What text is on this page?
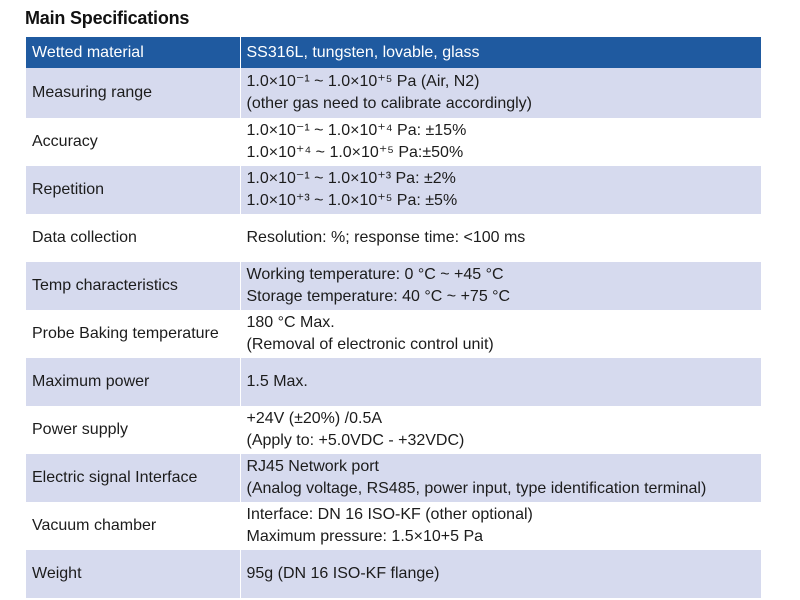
Main Specifications
Wetted material	SS316L, tungsten, lovable, glass

Measuring range	1.0×10⁻¹ ~ 1.0×10⁺⁵ Pa (Air, N2)
(other gas need to calibrate accordingly)

Accuracy	1.0×10⁻¹ ~ 1.0×10⁺⁴ Pa: ±15%
1.0×10⁺⁴ ~ 1.0×10⁺⁵ Pa:±50%

Repetition	1.0×10⁻¹ ~ 1.0×10⁺³ Pa: ±2%
1.0×10⁺³ ~ 1.0×10⁺⁵ Pa: ±5%

Data collection	Resolution: %; response time: <100 ms

Temp characteristics	Working temperature: 0 °C ~ +45 °C
Storage temperature: 40 °C ~ +75 °C

Probe Baking temperature	180 °C Max.
(Removal of electronic control unit)

Maximum power	1.5 Max.

Power supply	+24V (±20%) /0.5A
(Apply to: +5.0VDC - +32VDC)

Electric signal Interface	RJ45 Network port
(Analog voltage, RS485, power input, type identification terminal)

Vacuum chamber	Interface: DN 16 ISO-KF (other optional)
Maximum pressure: 1.5×10+5 Pa

Weight	95g (DN 16 ISO-KF flange)
